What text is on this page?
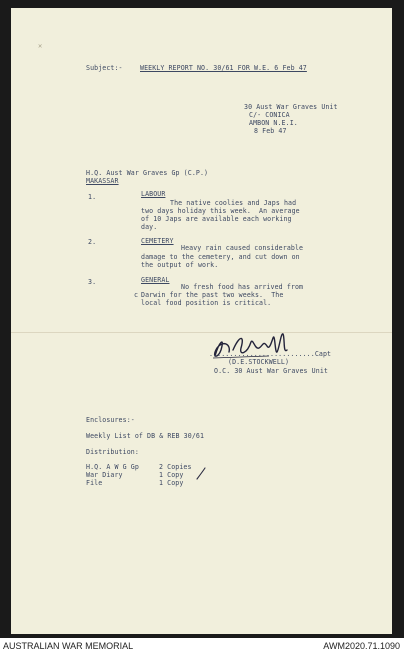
✕
Subject:-	WEEKLY REPORT NO. 30/61 FOR W.E. 6 Feb 47
30 Aust War Graves Unit
C/- CONICA
AMBON N.E.I.
8 Feb 47
H.Q. Aust War Graves Gp (C.P.)
MAKASSAR
1.	LABOUR
The native coolies and Japs had
two days holiday this week.  An average
of 10 Japs are available each working
day.
2.	CEMETERY
Heavy rain caused considerable
damage to the cemetery, and cut down on
the output of work.
3.	GENERAL
No fresh food has arrived from
c Darwin for the past two weeks.  The
local food position is critical.
..........................Capt
(D.E.STOCKWELL)
O.C. 30 Aust War Graves Unit
Enclosures:-
Weekly List of DB & REB 30/61
Distribution:
H.Q. A W G Gp	2 Copies
War Diary	1 Copy
File	1 Copy
AUSTRALIAN WAR MEMORIAL	AWM2020.71.1090
